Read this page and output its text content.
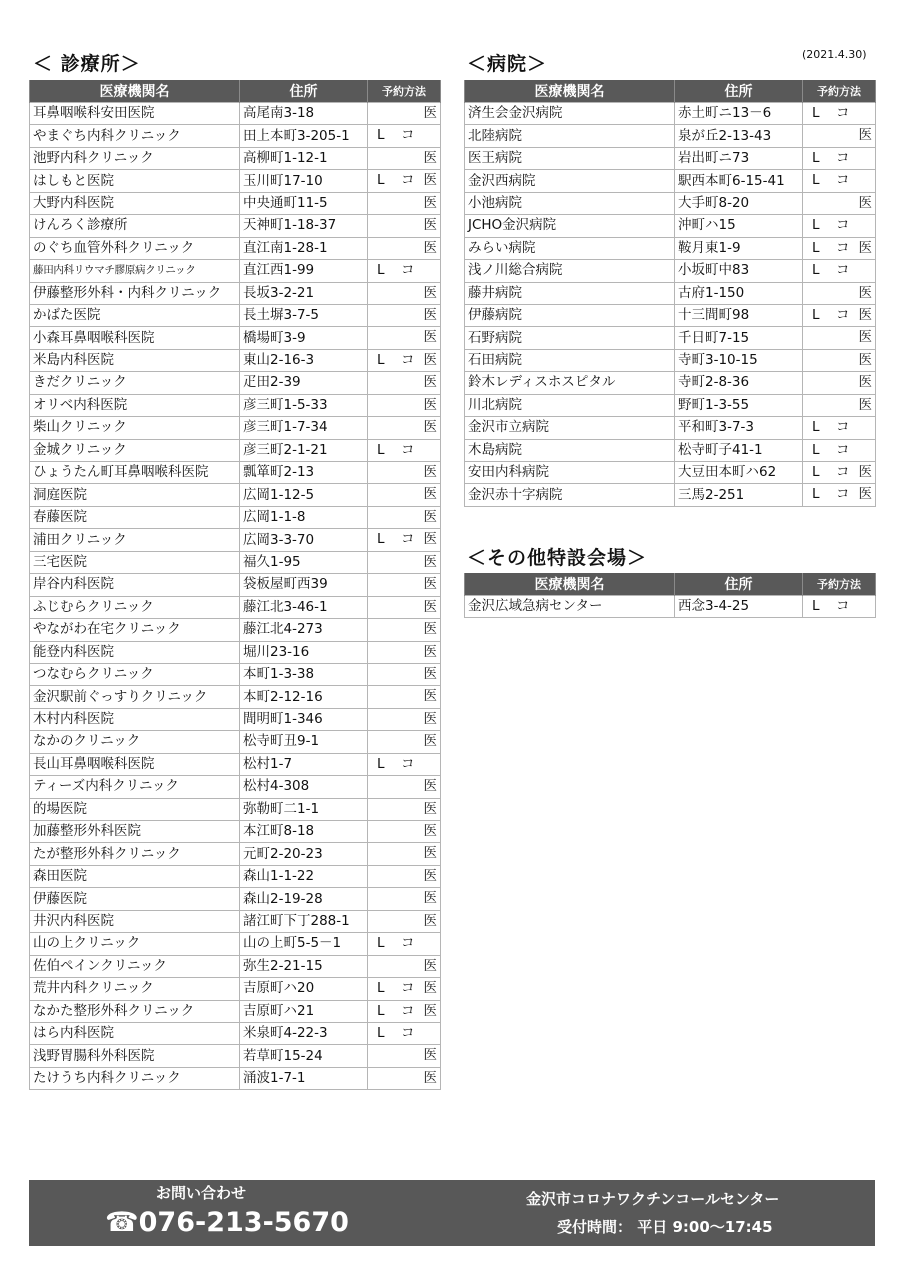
＜ 診療所＞
医療機関名	住所	予約方法
耳鼻咽喉科安田医院	高尾南3-18	医

やまぐち内科クリニック	田上本町3-205-1	L コ

池野内科クリニック	高柳町1-12-1	医

はしもと医院	玉川町17-10	L コ 医

大野内科医院	中央通町11-5	医

けんろく診療所	天神町1-18-37	医

のぐち血管外科クリニック	直江南1-28-1	医

藤田内科リウマチ膠原病クリニック	直江西1-99	L コ

伊藤整形外科・内科クリニック	長坂3-2-21	医

かばた医院	長土塀3-7-5	医

小森耳鼻咽喉科医院	橋場町3-9	医

米島内科医院	東山2-16-3	L コ 医

きだクリニック	疋田2-39	医

オリベ内科医院	彦三町1-5-33	医

柴山クリニック	彦三町1-7-34	医

金城クリニック	彦三町2-1-21	L コ

ひょうたん町耳鼻咽喉科医院	瓢箪町2-13	医

洞庭医院	広岡1-12-5	医

春藤医院	広岡1-1-8	医

浦田クリニック	広岡3-3-70	L コ 医

三宅医院	福久1-95	医

岸谷内科医院	袋板屋町西39	医

ふじむらクリニック	藤江北3-46-1	医

やながわ在宅クリニック	藤江北4-273	医

能登内科医院	堀川23-16	医

つなむらクリニック	本町1-3-38	医

金沢駅前ぐっすりクリニック	本町2-12-16	医

木村内科医院	間明町1-346	医

なかのクリニック	松寺町丑9-1	医

長山耳鼻咽喉科医院	松村1-7	L コ

ティーズ内科クリニック	松村4-308	医

的場医院	弥勒町二1-1	医

加藤整形外科医院	本江町8-18	医

たが整形外科クリニック	元町2-20-23	医

森田医院	森山1-1-22	医

伊藤医院	森山2-19-28	医

井沢内科医院	諸江町下丁288-1	医

山の上クリニック	山の上町5-5－1	L コ

佐伯ペインクリニック	弥生2-21-15	医

荒井内科クリニック	吉原町ハ20	L コ 医

なかた整形外科クリニック	吉原町ハ21	L コ 医

はら内科医院	米泉町4-22-3	L コ

浅野胃腸科外科医院	若草町15-24	医

たけうち内科クリニック	涌波1-7-1	医
＜病院＞	(2021.4.30)
医療機関名	住所	予約方法
済生会金沢病院	赤土町ニ13－6	L コ

北陸病院	泉が丘2-13-43	医

医王病院	岩出町ニ73	L コ

金沢西病院	駅西本町6-15-41	L コ

小池病院	大手町8-20	医

JCHO金沢病院	沖町ハ15	L コ

みらい病院	鞍月東1-9	L コ 医

浅ノ川総合病院	小坂町中83	L コ

藤井病院	古府1-150	医

伊藤病院	十三間町98	L コ 医

石野病院	千日町7-15	医

石田病院	寺町3-10-15	医

鈴木レディスホスピタル	寺町2-8-36	医

川北病院	野町1-3-55	医

金沢市立病院	平和町3-7-3	L コ

木島病院	松寺町子41-1	L コ

安田内科病院	大豆田本町ハ62	L コ 医

金沢赤十字病院	三馬2-251	L コ 医
＜その他特設会場＞
医療機関名	住所	予約方法
金沢広域急病センター	西念3-4-25	L コ
お問い合わせ
☎076-213-5670
金沢市コロナワクチンコールセンター
受付時間： 平日 9:00～17:45
